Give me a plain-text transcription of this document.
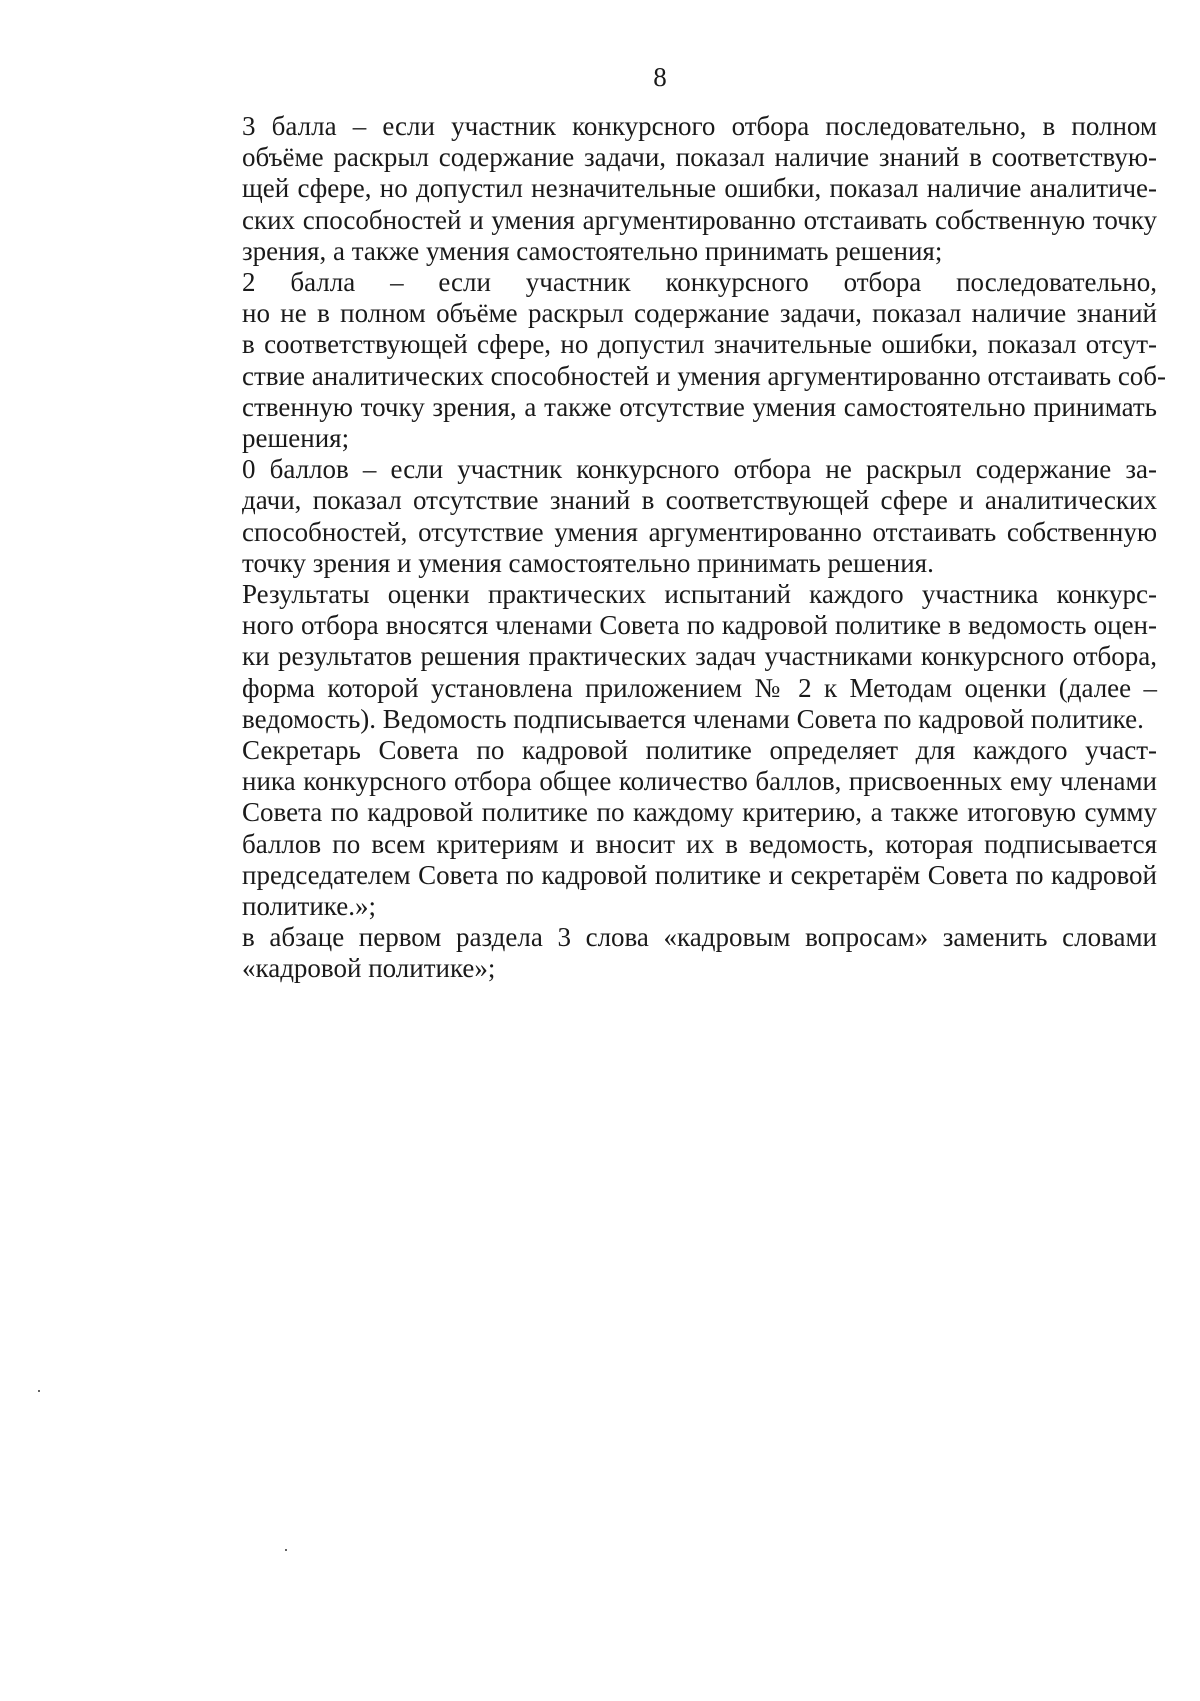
8

3 балла – если участник конкурсного отбора последовательно, в полном
объёме раскрыл содержание задачи, показал наличие знаний в соответствую-
щей сфере, но допустил незначительные ошибки, показал наличие аналитиче-
ских способностей и умения аргументированно отстаивать собственную точку
зрения, а также умения самостоятельно принимать решения;

2 балла – если участник конкурсного отбора последовательно,
но не в полном объёме раскрыл содержание задачи, показал наличие знаний
в соответствующей сфере, но допустил значительные ошибки, показал отсут-
ствие аналитических способностей и умения аргументированно отстаивать соб-
ственную точку зрения, а также отсутствие умения самостоятельно принимать
решения;

0 баллов – если участник конкурсного отбора не раскрыл содержание за-
дачи, показал отсутствие знаний в соответствующей сфере и аналитических
способностей, отсутствие умения аргументированно отстаивать собственную
точку зрения и умения самостоятельно принимать решения.

Результаты оценки практических испытаний каждого участника конкурс-
ного отбора вносятся членами Совета по кадровой политике в ведомость оцен-
ки результатов решения практических задач участниками конкурсного отбора,
форма которой установлена приложением № 2 к Методам оценки (далее –
ведомость). Ведомость подписывается членами Совета по кадровой политике.

Секретарь Совета по кадровой политике определяет для каждого участ-
ника конкурсного отбора общее количество баллов, присвоенных ему членами
Совета по кадровой политике по каждому критерию, а также итоговую сумму
баллов по всем критериям и вносит их в ведомость, которая подписывается
председателем Совета по кадровой политике и секретарём Совета по кадровой
политике.»;

в абзаце первом раздела 3 слова «кадровым вопросам» заменить словами
«кадровой политике»;
